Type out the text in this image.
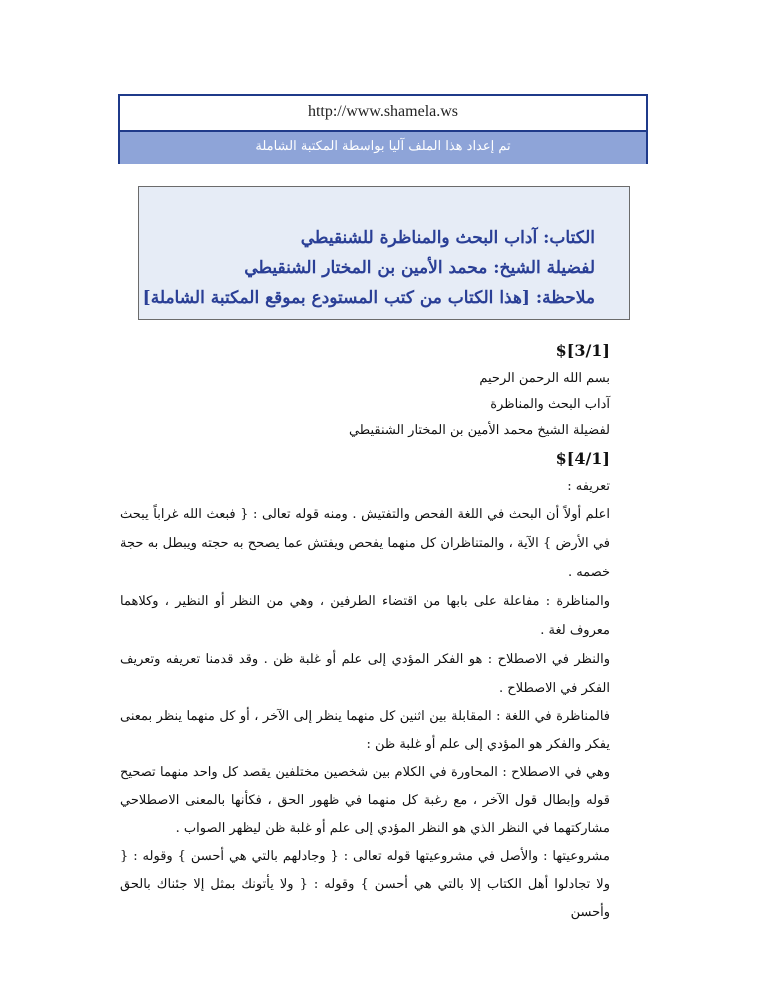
http://www.shamela.ws
تم إعداد هذا الملف آليا بواسطة المكتبة الشاملة
الكتاب: آداب البحث والمناظرة للشنقيطي
لفضيلة الشيخ: محمد الأمين بن المختار الشنقيطي
ملاحظة: [هذا الكتاب من كتب المستودع بموقع المكتبة الشاملة]
[3/1]$
بسم الله الرحمن الرحيم
آداب البحث والمناظرة
لفضيلة الشيخ محمد الأمين بن المختار الشنقيطي
[4/1]$
تعريفه :

اعلم أولاً أن البحث في اللغة الفحص والتفتيش . ومنه قوله تعالى : { فبعث الله غراباً يبحث في الأرض } الآية ، والمتناظران كل منهما يفحص ويفتش عما يصحح به حجته ويبطل به حجة خصمه .

والمناظرة : مفاعلة على بابها من اقتضاء الطرفين ، وهي من النظر أو النظير ، وكلاهما معروف لغة .

والنظر في الاصطلاح : هو الفكر المؤدي إلى علم أو غلبة ظن . وقد قدمنا تعريفه وتعريف الفكر في الاصطلاح .

فالمناظرة في اللغة : المقابلة بين اثنين كل منهما ينظر إلى الآخر ، أو كل منهما ينظر بمعنى يفكر والفكر هو المؤدي إلى علم أو غلبة ظن :

وهي في الاصطلاح : المحاورة في الكلام بين شخصين مختلفين يقصد كل واحد منهما تصحيح قوله وإبطال قول الآخر ، مع رغبة كل منهما في ظهور الحق ، فكأنها بالمعنى الاصطلاحي مشاركتهما في النظر الذي هو النظر المؤدي إلى علم أو غلبة ظن ليظهر الصواب .

مشروعيتها : والأصل في مشروعيتها قوله تعالى : { وجادلهم بالتي هي أحسن } وقوله : { ولا تجادلوا أهل الكتاب إلا بالتي هي أحسن } وقوله : { ولا يأتونك بمثل إلا جئناك بالحق وأحسن
